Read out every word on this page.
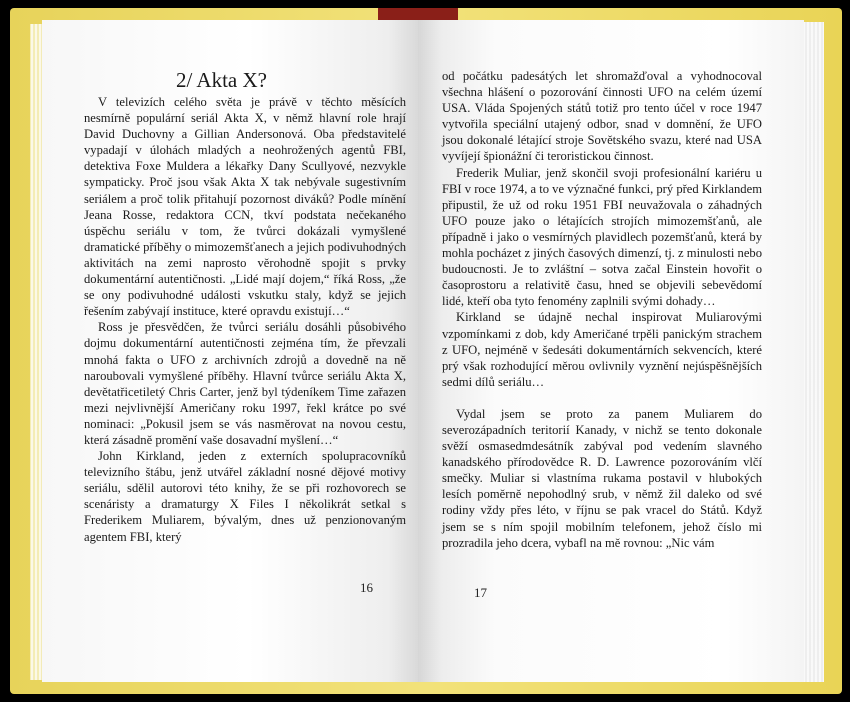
2/ Akta X?

V televizích celého světa je právě v těchto měsících nesmírně populární seriál Akta X, v němž hlavní role hrají David Duchovny a Gillian Andersonová. Oba představitelé vypadají v úlohách mladých a neohrožených agentů FBI, detektiva Foxe Muldera a lékařky Dany Scullyové, nezvykle sympaticky. Proč jsou však Akta X tak nebývale sugestivním seriálem a proč tolik přitahují pozornost diváků? Podle mínění Jeana Rosse, redaktora CCN, tkví podstata nečekaného úspěchu seriálu v tom, že tvůrci dokázali vymyšlené dramatické příběhy o mimozemšťanech a jejich podivuhodných aktivitách na zemi naprosto věrohodně spojit s prvky dokumentární autentičnosti. „Lidé mají dojem,“ říká Ross, „že se ony podivuhodné události vskutku staly, když se jejich řešením zabývají instituce, které opravdu existují…“

Ross je přesvědčen, že tvůrci seriálu dosáhli působivého dojmu dokumentární autentičnosti zejména tím, že převzali mnohá fakta o UFO z archivních zdrojů a dovedně na ně naroubovali vymyšlené příběhy. Hlavní tvůrce seriálu Akta X, devětatřicetiletý Chris Carter, jenž byl týdeníkem Time zařazen mezi nejvlivnější Američany roku 1997, řekl krátce po své nominaci: „Pokusil jsem se vás nasměrovat na novou cestu, která zásadně promění vaše dosavadní myšlení…“

John Kirkland, jeden z externích spolupracovníků televizního štábu, jenž utvářel základní nosné dějové motivy seriálu, sdělil autorovi této knihy, že se při rozhovorech se scenáristy a dramaturgy X Files I několikrát setkal s Frederikem Muliarem, bývalým, dnes už penzionovaným agentem FBI, který

16

od počátku padesátých let shromažďoval a vyhodnocoval všechna hlášení o pozorování činnosti UFO na celém území USA. Vláda Spojených států totiž pro tento účel v roce 1947 vytvořila speciální utajený odbor, snad v domnění, že UFO jsou dokonalé létající stroje Sovětského svazu, které nad USA vyvíjejí špionážní či teroristickou činnost.

Frederik Muliar, jenž skončil svoji profesionální kariéru u FBI v roce 1974, a to ve význačné funkci, prý před Kirklandem připustil, že už od roku 1951 FBI neuvažovala o záhadných UFO pouze jako o létajících strojích mimozemšťanů, ale případně i jako o vesmírných plavidlech pozemšťanů, která by mohla pocházet z jiných časových dimenzí, tj. z minulosti nebo budoucnosti. Je to zvláštní – sotva začal Einstein hovořit o časoprostoru a relativitě času, hned se objevili sebevědomí lidé, kteří oba tyto fenomény zaplnili svými dohady…

Kirkland se údajně nechal inspirovat Muliarovými vzpomínkami z dob, kdy Američané trpěli panickým strachem z UFO, nejméně v šedesáti dokumentárních sekvencích, které prý však rozhodující měrou ovlivnily vyznění nejúspěšnějších sedmi dílů seriálu…

Vydal jsem se proto za panem Muliarem do severozápadních teritorií Kanady, v nichž se tento dokonale svěží osmasedmdesátník zabýval pod vedením slavného kanadského přírodovědce R. D. Lawrence pozorováním vlčí smečky. Muliar si vlastníma rukama postavil v hlubokých lesích poměrně nepohodlný srub, v němž žil daleko od své rodiny vždy přes léto, v říjnu se pak vracel do Států. Když jsem se s ním spojil mobilním telefonem, jehož číslo mi prozradila jeho dcera, vybafl na mě rovnou: „Nic vám

17
